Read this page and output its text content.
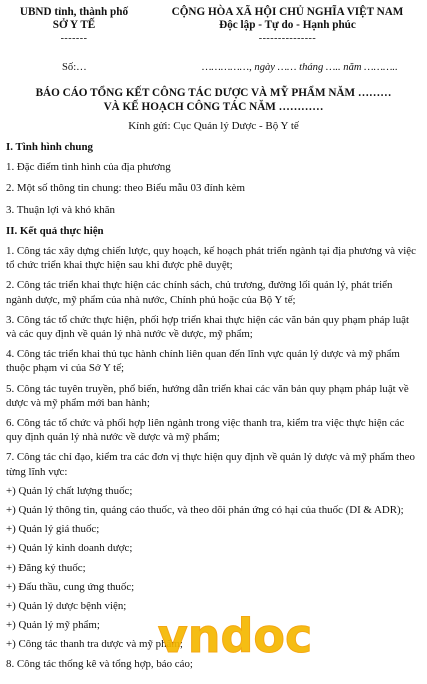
UBND tỉnh, thành phố
SỞ Y TẾ
-------
CỘNG HÒA XÃ HỘI CHỦ NGHĨA VIỆT NAM
Độc lập - Tự do - Hạnh phúc
---------------
Số:…	……………, ngày …… tháng ….. năm ………..
BÁO CÁO TỔNG KẾT CÔNG TÁC DƯỢC VÀ MỸ PHẨM NĂM ………
VÀ KẾ HOẠCH CÔNG TÁC NĂM …………
Kính gửi: Cục Quản lý Dược - Bộ Y tế

I. Tình hình chung

1. Đặc điểm tình hình của địa phương

2. Một số thông tin chung: theo Biểu mẫu 03 đính kèm

3. Thuận lợi và khó khăn

II. Kết quả thực hiện

1. Công tác xây dựng chiến lược, quy hoạch, kế hoạch phát triển ngành tại địa phương và việc tổ chức triển khai thực hiện sau khi được phê duyệt;

2. Công tác triển khai thực hiện các chính sách, chủ trương, đường lối quản lý, phát triển ngành dược, mỹ phẩm của nhà nước, Chính phủ hoặc của Bộ Y tế;

3. Công tác tổ chức thực hiện, phối hợp triển khai thực hiện các văn bản quy phạm pháp luật và các quy định về quản lý nhà nước về dược, mỹ phẩm;

4. Công tác triển khai thủ tục hành chính liên quan đến lĩnh vực quản lý dược và mỹ phẩm thuộc phạm vi của Sở Y tế;

5. Công tác tuyên truyền, phổ biến, hướng dẫn triển khai các văn bản quy phạm pháp luật về dược và mỹ phẩm mới ban hành;

6. Công tác tổ chức và phối hợp liên ngành trong việc thanh tra, kiểm tra việc thực hiện các quy định quản lý nhà nước về dược và mỹ phẩm;

7. Công tác chỉ đạo, kiểm tra các đơn vị thực hiện quy định về quản lý dược và mỹ phẩm theo từng lĩnh vực:

+) Quản lý chất lượng thuốc;

+) Quản lý thông tin, quảng cáo thuốc, và theo dõi phản ứng có hại của thuốc (DI & ADR);

+) Quản lý giá thuốc;

+) Quản lý kinh doanh dược;

+) Đăng ký thuốc;

+) Đấu thầu, cung ứng thuốc;

+) Quản lý dược bệnh viện;

+) Quản lý mỹ phẩm;

+) Công tác thanh tra dược và mỹ phẩm;

8. Công tác thống kê và tổng hợp, báo cáo;

vndoc
